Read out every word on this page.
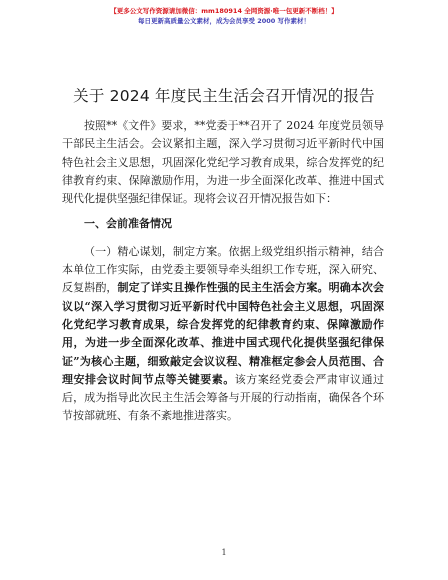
【更多公文写作资源请加微信：mm180914 全网资源·唯一包更新不断档！】
每日更新高质量公文素材，成为会员享受 2000 写作素材！
关于 2024 年度民主生活会召开情况的报告

按照**《文件》要求，**党委于**召开了 2024 年度党员领导干部民主生活会。会议紧扣主题，深入学习贯彻习近平新时代中国特色社会主义思想，巩固深化党纪学习教育成果，综合发挥党的纪律教育约束、保障激励作用，为进一步全面深化改革、推进中国式现代化提供坚强纪律保证。现将会议召开情况报告如下：

一、会前准备情况

（一）精心谋划，制定方案。依据上级党组织指示精神，结合本单位工作实际，由党委主要领导牵头组织工作专班，深入研究、反复斟酌，制定了详实且操作性强的民主生活会方案。明确本次会议以“深入学习贯彻习近平新时代中国特色社会主义思想，巩固深化党纪学习教育成果，综合发挥党的纪律教育约束、保障激励作用，为进一步全面深化改革、推进中国式现代化提供坚强纪律保证”为核心主题，细致敲定会议议程、精准框定参会人员范围、合理安排会议时间节点等关键要素。该方案经党委会严肃审议通过后，成为指导此次民主生活会筹备与开展的行动指南，确保各个环节按部就班、有条不紊地推进落实。

1
